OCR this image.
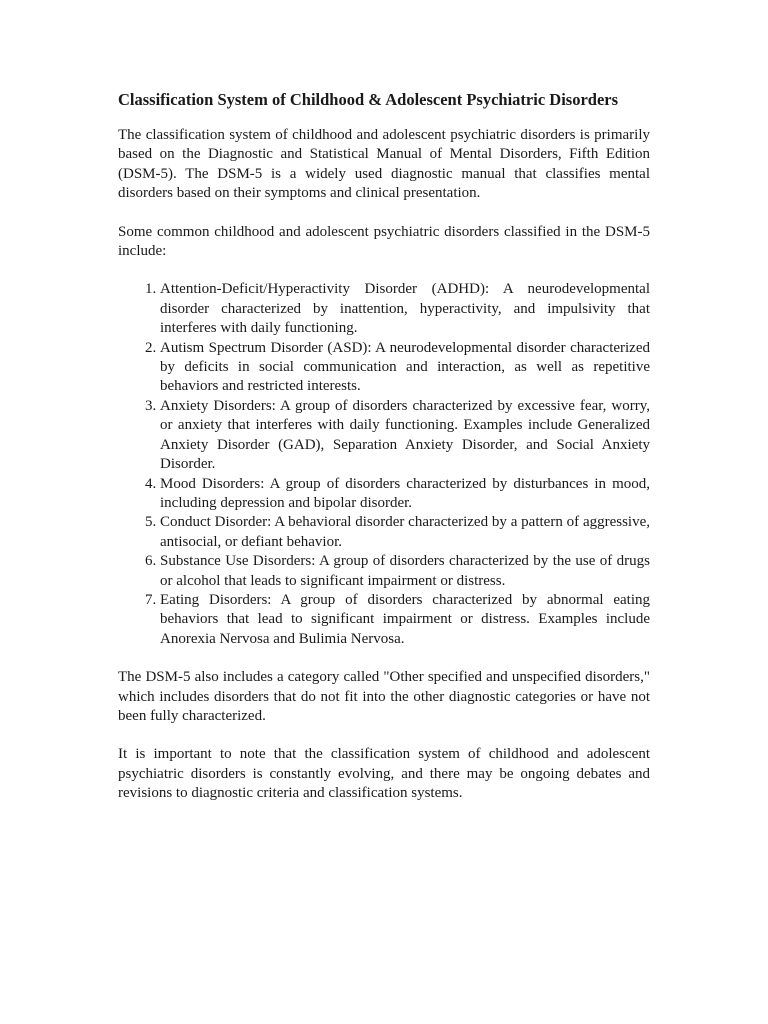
Classification System of Childhood & Adolescent Psychiatric Disorders

The classification system of childhood and adolescent psychiatric disorders is primarily based on the Diagnostic and Statistical Manual of Mental Disorders, Fifth Edition (DSM-5). The DSM-5 is a widely used diagnostic manual that classifies mental disorders based on their symptoms and clinical presentation.

Some common childhood and adolescent psychiatric disorders classified in the DSM-5 include:

1. Attention-Deficit/Hyperactivity Disorder (ADHD): A neurodevelopmental disorder characterized by inattention, hyperactivity, and impulsivity that interferes with daily functioning.
2. Autism Spectrum Disorder (ASD): A neurodevelopmental disorder characterized by deficits in social communication and interaction, as well as repetitive behaviors and restricted interests.
3. Anxiety Disorders: A group of disorders characterized by excessive fear, worry, or anxiety that interferes with daily functioning. Examples include Generalized Anxiety Disorder (GAD), Separation Anxiety Disorder, and Social Anxiety Disorder.
4. Mood Disorders: A group of disorders characterized by disturbances in mood, including depression and bipolar disorder.
5. Conduct Disorder: A behavioral disorder characterized by a pattern of aggressive, antisocial, or defiant behavior.
6. Substance Use Disorders: A group of disorders characterized by the use of drugs or alcohol that leads to significant impairment or distress.
7. Eating Disorders: A group of disorders characterized by abnormal eating behaviors that lead to significant impairment or distress. Examples include Anorexia Nervosa and Bulimia Nervosa.

The DSM-5 also includes a category called "Other specified and unspecified disorders," which includes disorders that do not fit into the other diagnostic categories or have not been fully characterized.

It is important to note that the classification system of childhood and adolescent psychiatric disorders is constantly evolving, and there may be ongoing debates and revisions to diagnostic criteria and classification systems.
